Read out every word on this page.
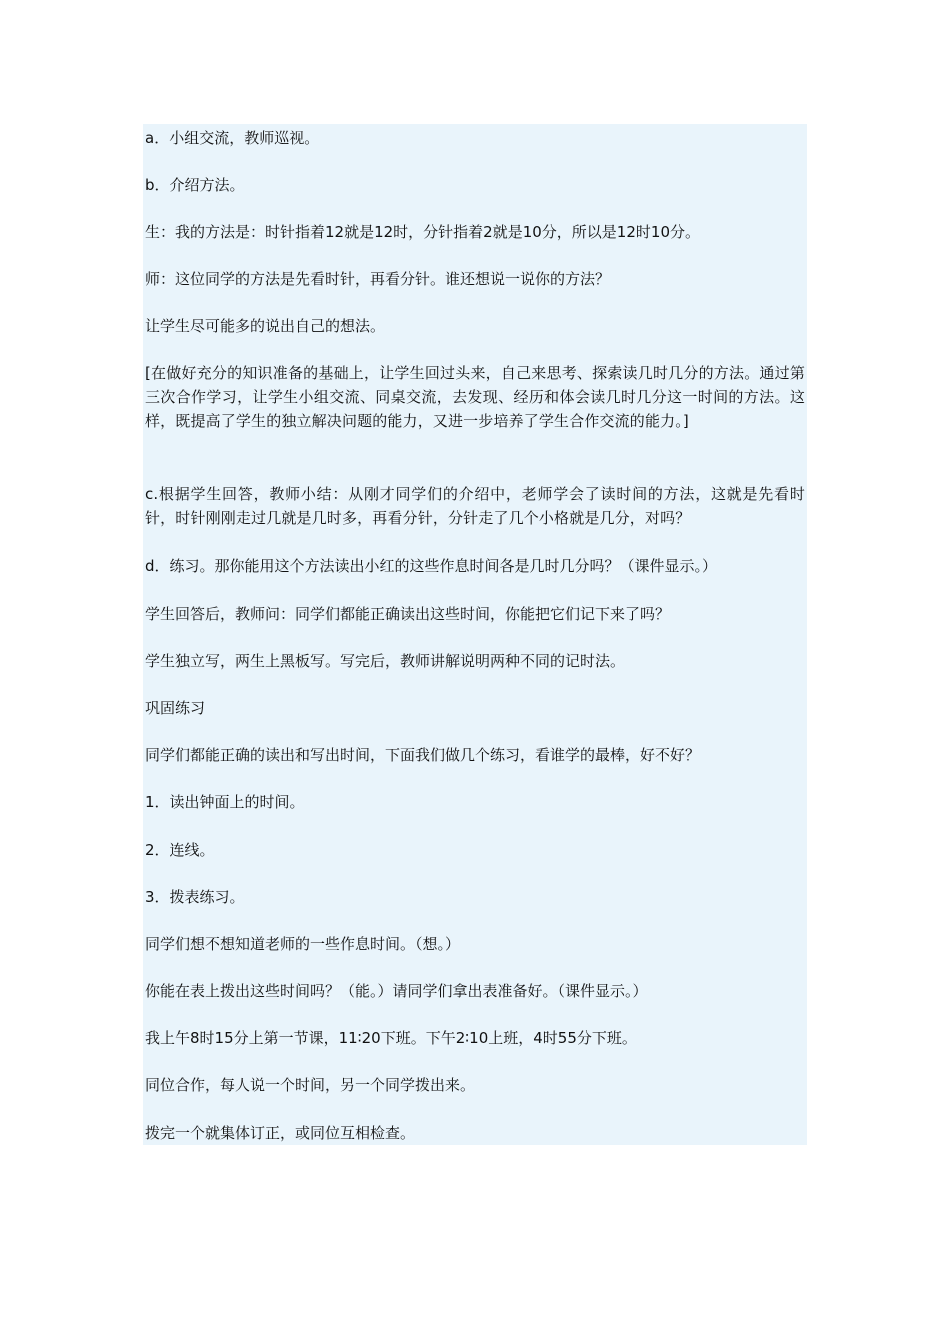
a．小组交流，教师巡视。

b．介绍方法。

生：我的方法是：时针指着12就是12时，分针指着2就是10分，所以是12时10分。

师：这位同学的方法是先看时针，再看分针。谁还想说一说你的方法？

让学生尽可能多的说出自己的想法。

[在做好充分的知识准备的基础上，让学生回过头来，自己来思考、探索读几时几分的方法。通过第三次合作学习，让学生小组交流、同桌交流，去发现、经历和体会读几时几分这一时间的方法。这样，既提高了学生的独立解决问题的能力，又进一步培养了学生合作交流的能力。]

c.根据学生回答，教师小结：从刚才同学们的介绍中，老师学会了读时间的方法，这就是先看时针，时针刚刚走过几就是几时多，再看分针，分针走了几个小格就是几分，对吗？

d．练习。那你能用这个方法读出小红的这些作息时间各是几时几分吗？（课件显示。）

学生回答后，教师问：同学们都能正确读出这些时间，你能把它们记下来了吗？

学生独立写，两生上黑板写。写完后，教师讲解说明两种不同的记时法。

巩固练习

同学们都能正确的读出和写出时间，下面我们做几个练习，看谁学的最棒，好不好？

1．读出钟面上的时间。

2．连线。

3．拨表练习。

同学们想不想知道老师的一些作息时间。（想。）

你能在表上拨出这些时间吗？（能。）请同学们拿出表准备好。（课件显示。）

我上午8时15分上第一节课，11∶20下班。下午2∶10上班，4时55分下班。

同位合作，每人说一个时间，另一个同学拨出来。

拨完一个就集体订正，或同位互相检查。
